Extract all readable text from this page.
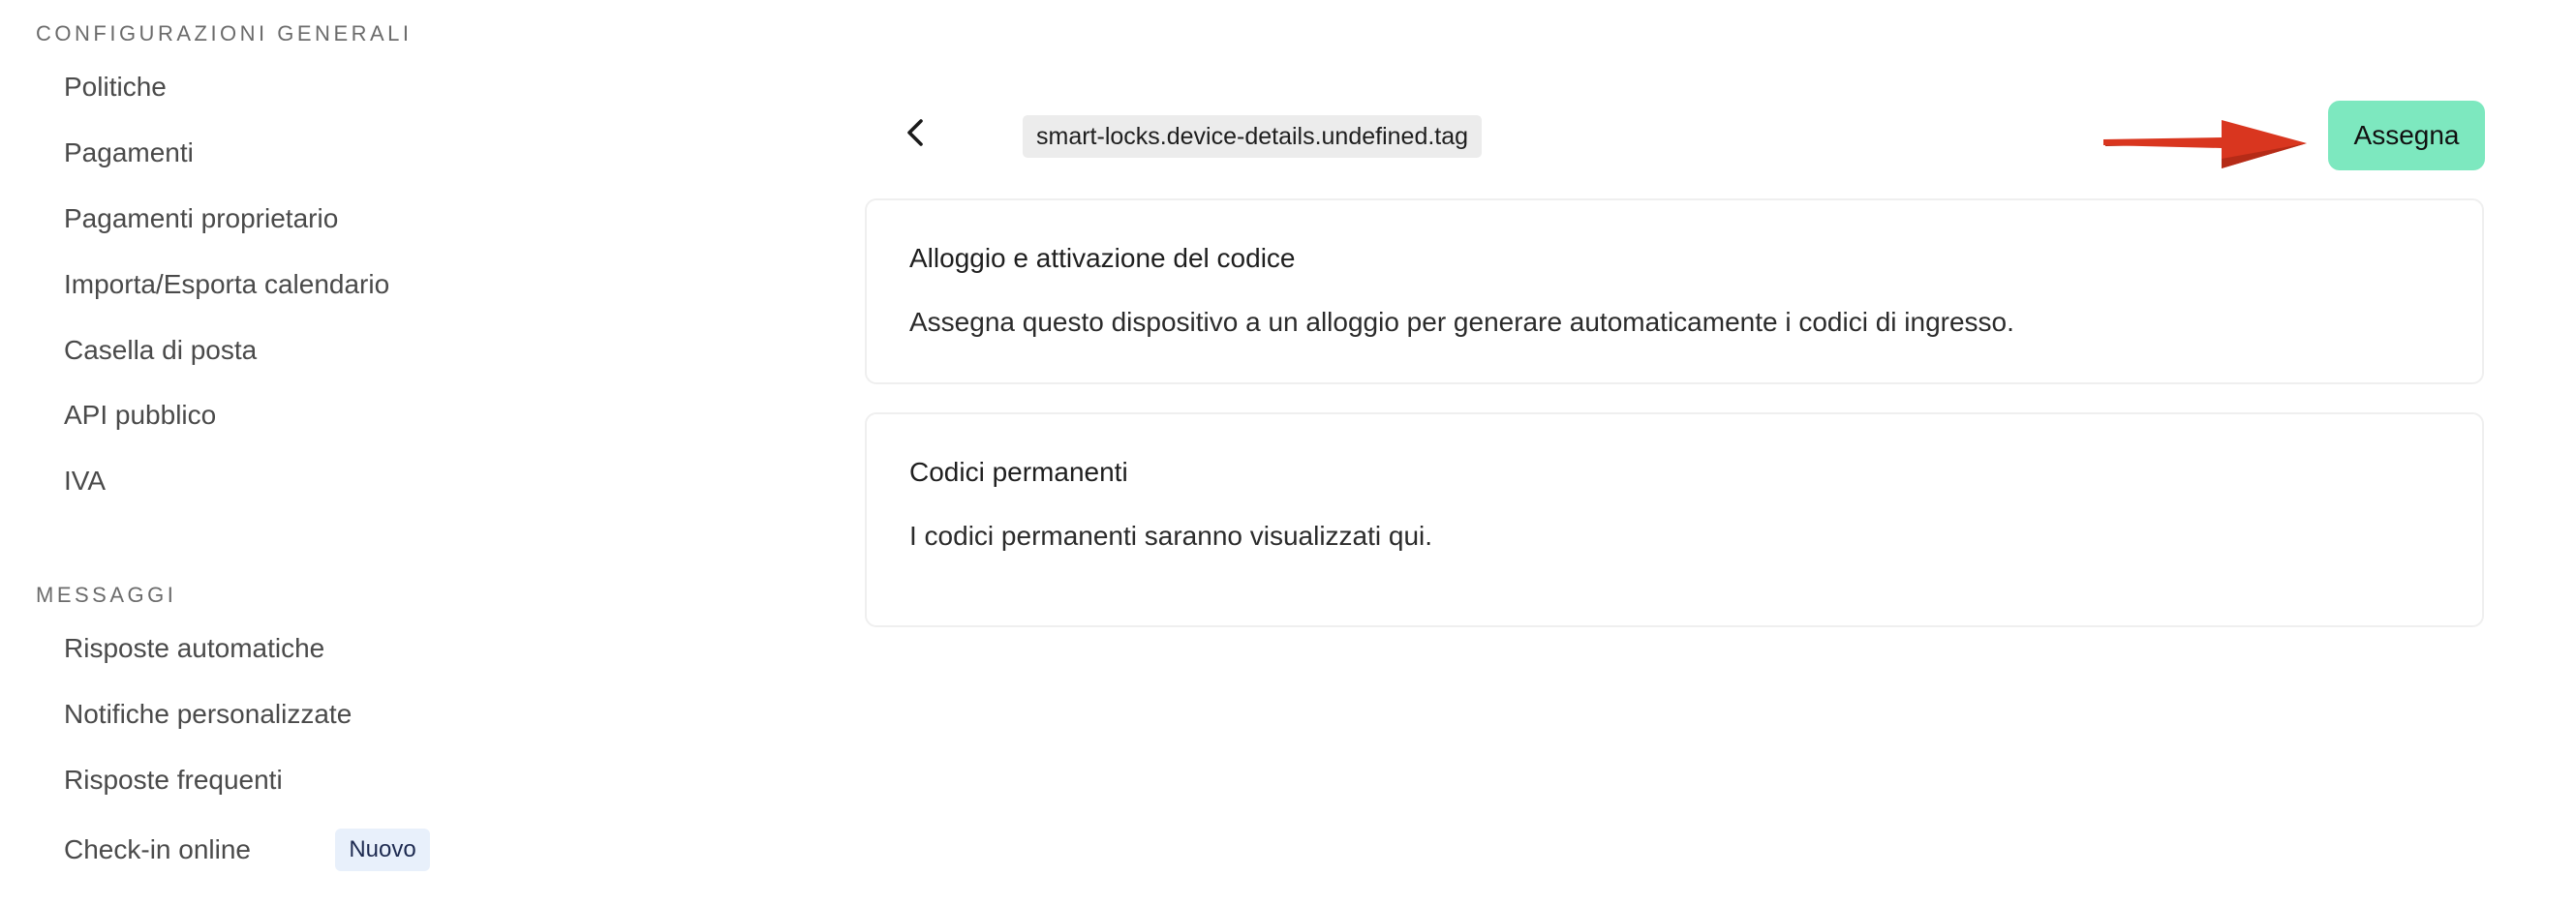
CONFIGURAZIONI GENERALI
Politiche
Pagamenti
Pagamenti proprietario
Importa/Esporta calendario
Casella di posta
API pubblico
IVA
MESSAGGI
Risposte automatiche
Notifiche personalizzate
Risposte frequenti
Check-in online	Nuovo
smart-locks.device-details.undefined.tag	Assegna
Alloggio e attivazione del codice
Assegna questo dispositivo a un alloggio per generare automaticamente i codici di ingresso.
Codici permanenti
I codici permanenti saranno visualizzati qui.
